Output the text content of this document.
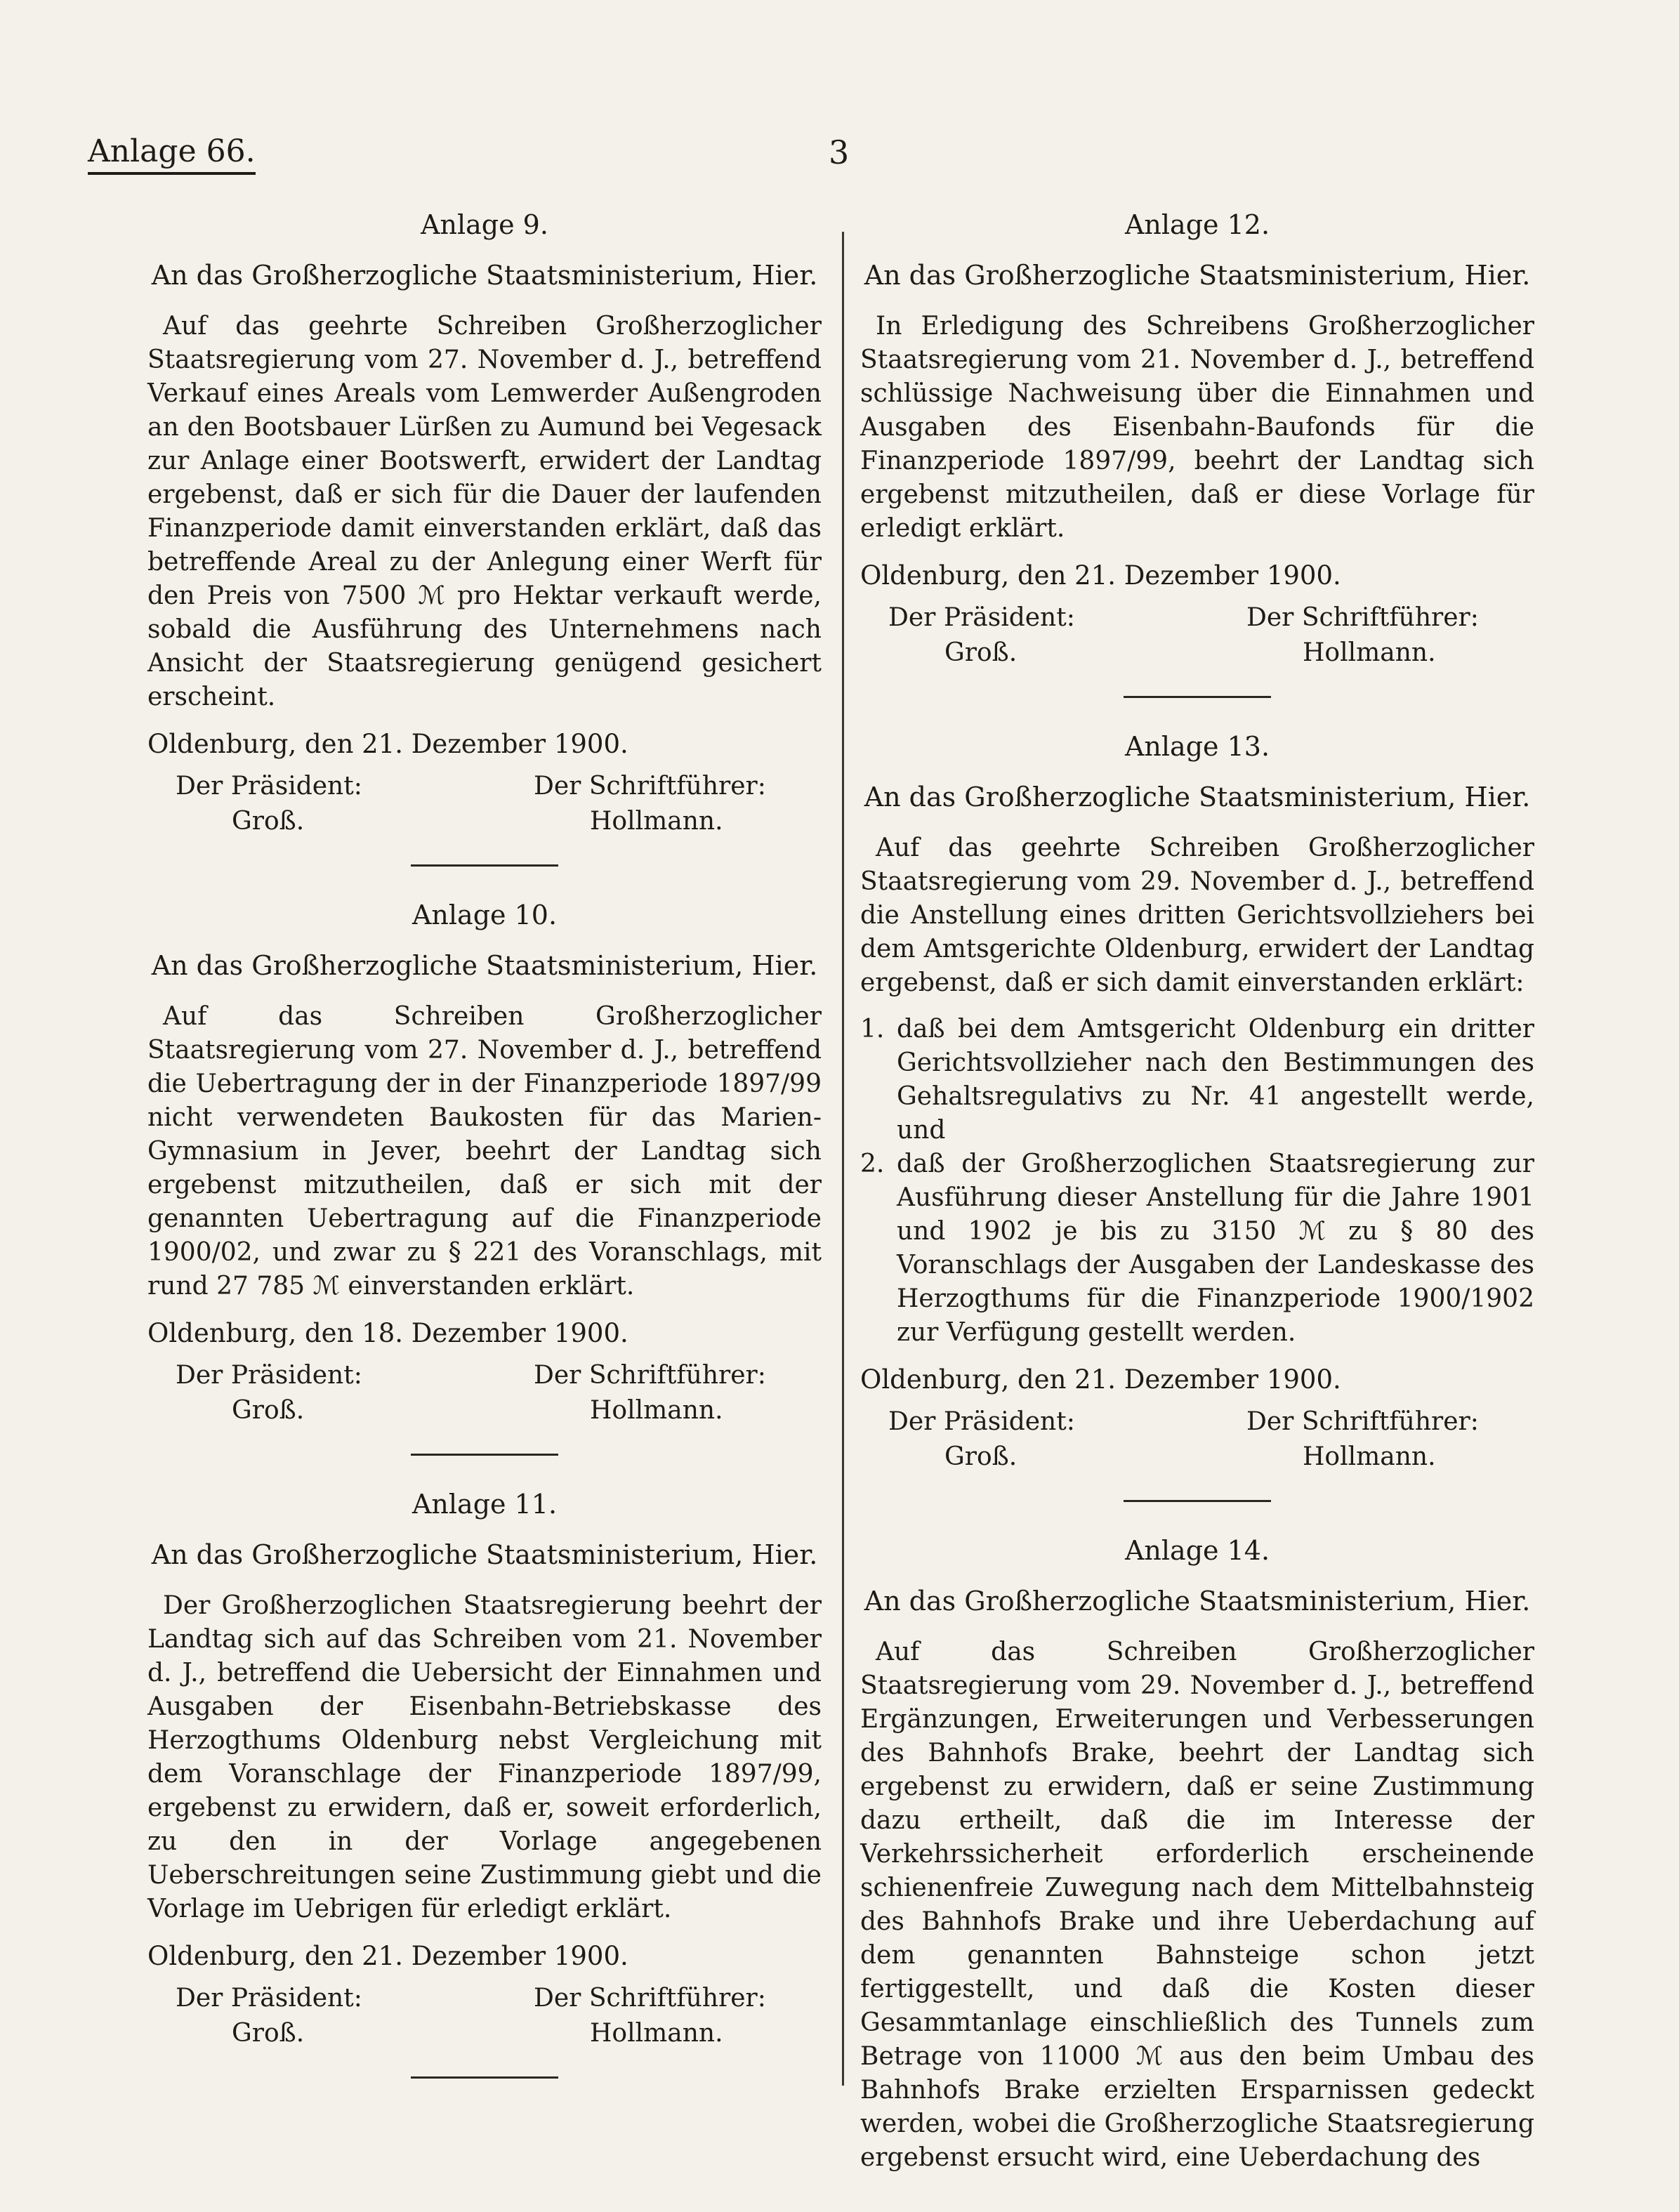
Anlage 66.	3
Anlage 9.
An das Großherzogliche Staatsministerium, Hier.

Auf das geehrte Schreiben Großherzoglicher Staatsregierung vom 27. November d. J., betreffend Verkauf eines Areals vom Lemwerder Außengroden an den Bootsbauer Lürßen zu Aumund bei Vegesack zur Anlage einer Bootswerft, erwidert der Landtag ergebenst, daß er sich für die Dauer der laufenden Finanzperiode damit einverstanden erklärt, daß das betreffende Areal zu der Anlegung einer Werft für den Preis von 7500 ℳ pro Hektar verkauft werde, sobald die Ausführung des Unternehmens nach Ansicht der Staatsregierung genügend gesichert erscheint.

Oldenburg, den 21. Dezember 1900.
Der Präsident:	Der Schriftführer:
Groß.	Hollmann.
Anlage 10.
An das Großherzogliche Staatsministerium, Hier.

Auf das Schreiben Großherzoglicher Staatsregierung vom 27. November d. J., betreffend die Uebertragung der in der Finanzperiode 1897/99 nicht verwendeten Baukosten für das Marien-Gymnasium in Jever, beehrt der Landtag sich ergebenst mitzutheilen, daß er sich mit der genannten Uebertragung auf die Finanzperiode 1900/02, und zwar zu § 221 des Voranschlags, mit rund 27 785 ℳ einverstanden erklärt.

Oldenburg, den 18. Dezember 1900.
Der Präsident:	Der Schriftführer:
Groß.	Hollmann.
Anlage 11.
An das Großherzogliche Staatsministerium, Hier.

Der Großherzoglichen Staatsregierung beehrt der Landtag sich auf das Schreiben vom 21. November d. J., betreffend die Uebersicht der Einnahmen und Ausgaben der Eisenbahn-Betriebskasse des Herzogthums Oldenburg nebst Vergleichung mit dem Voranschlage der Finanzperiode 1897/99, ergebenst zu erwidern, daß er, soweit erforderlich, zu den in der Vorlage angegebenen Ueberschreitungen seine Zustimmung giebt und die Vorlage im Uebrigen für erledigt erklärt.

Oldenburg, den 21. Dezember 1900.
Der Präsident:	Der Schriftführer:
Groß.	Hollmann.
Anlage 12.
An das Großherzogliche Staatsministerium, Hier.

In Erledigung des Schreibens Großherzoglicher Staatsregierung vom 21. November d. J., betreffend schlüssige Nachweisung über die Einnahmen und Ausgaben des Eisenbahn-Baufonds für die Finanzperiode 1897/99, beehrt der Landtag sich ergebenst mitzutheilen, daß er diese Vorlage für erledigt erklärt.

Oldenburg, den 21. Dezember 1900.
Der Präsident:	Der Schriftführer:
Groß.	Hollmann.
Anlage 13.
An das Großherzogliche Staatsministerium, Hier.

Auf das geehrte Schreiben Großherzoglicher Staatsregierung vom 29. November d. J., betreffend die Anstellung eines dritten Gerichtsvollziehers bei dem Amtsgerichte Oldenburg, erwidert der Landtag ergebenst, daß er sich damit einverstanden erklärt:

1. daß bei dem Amtsgericht Oldenburg ein dritter Gerichtsvollzieher nach den Bestimmungen des Gehaltsregulativs zu Nr. 41 angestellt werde, und
2. daß der Großherzoglichen Staatsregierung zur Ausführung dieser Anstellung für die Jahre 1901 und 1902 je bis zu 3150 ℳ zu § 80 des Voranschlags der Ausgaben der Landeskasse des Herzogthums für die Finanzperiode 1900/1902 zur Verfügung gestellt werden.
Oldenburg, den 21. Dezember 1900.
Der Präsident:	Der Schriftführer:
Groß.	Hollmann.
Anlage 14.
An das Großherzogliche Staatsministerium, Hier.

Auf das Schreiben Großherzoglicher Staatsregierung vom 29. November d. J., betreffend Ergänzungen, Erweiterungen und Verbesserungen des Bahnhofs Brake, beehrt der Landtag sich ergebenst zu erwidern, daß er seine Zustimmung dazu ertheilt, daß die im Interesse der Verkehrssicherheit erforderlich erscheinende schienenfreie Zuwegung nach dem Mittelbahnsteig des Bahnhofs Brake und ihre Ueberdachung auf dem genannten Bahnsteige schon jetzt fertiggestellt, und daß die Kosten dieser Gesammtanlage einschließlich des Tunnels zum Betrage von 11000 ℳ aus den beim Umbau des Bahnhofs Brake erzielten Ersparnissen gedeckt werden, wobei die Großherzogliche Staatsregierung ergebenst ersucht wird, eine Ueberdachung des
